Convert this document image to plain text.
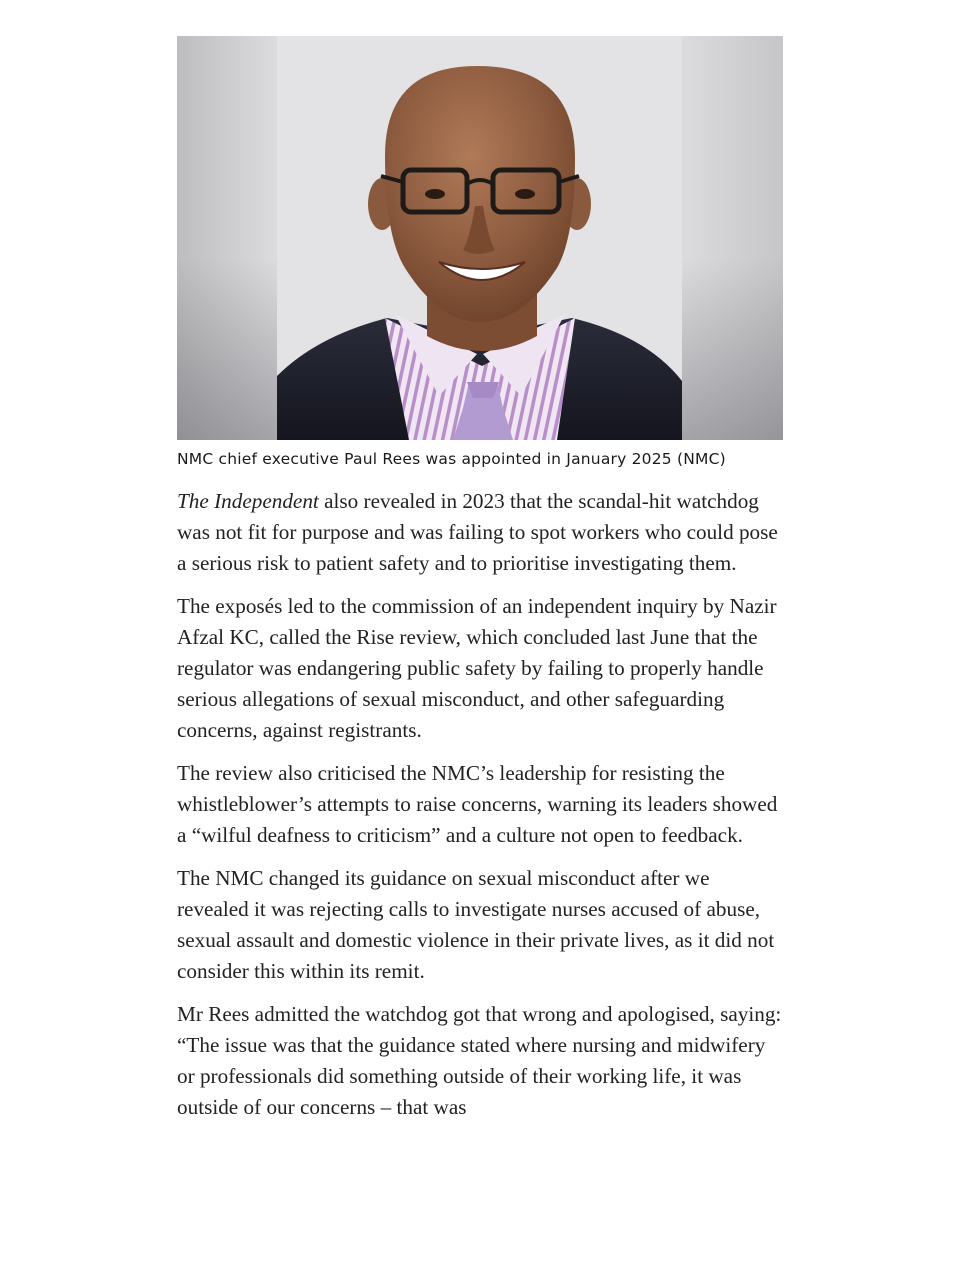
NMC chief executive Paul Rees was appointed in January 2025 (NMC)

The Independent also revealed in 2023 that the scandal-hit watchdog was not fit for purpose and was failing to spot workers who could pose a serious risk to patient safety and to prioritise investigating them.

The exposés led to the commission of an independent inquiry by Nazir Afzal KC, called the Rise review, which concluded last June that the regulator was endangering public safety by failing to properly handle serious allegations of sexual misconduct, and other safeguarding concerns, against registrants.

The review also criticised the NMC’s leadership for resisting the whistleblower’s attempts to raise concerns, warning its leaders showed a “wilful deafness to criticism” and a culture not open to feedback.

The NMC changed its guidance on sexual misconduct after we revealed it was rejecting calls to investigate nurses accused of abuse, sexual assault and domestic violence in their private lives, as it did not consider this within its remit.

Mr Rees admitted the watchdog got that wrong and apologised, saying: “The issue was that the guidance stated where nursing and midwifery or professionals did something outside of their working life, it was outside of our concerns – that was
